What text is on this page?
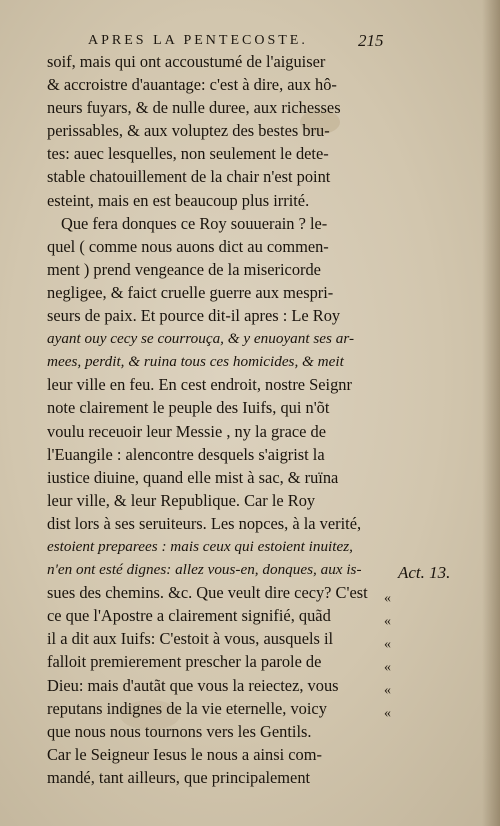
APRES LA PENTECOSTE.	215
soif, mais qui ont accoustumé de l'aiguiser
& accroistre d'auantage: c'est à dire, aux hô-
neurs fuyars, & de nulle duree, aux richesses
perissables, & aux voluptez des bestes bru-
tes: auec lesquelles, non seulement le dete-
stable chatouillement de la chair n'est point
esteint, mais en est beaucoup plus irrité.
Que fera donques ce Roy souuerain ? le-
quel ( comme nous auons dict au commen-
ment ) prend vengeance de la misericorde
negligee, & faict cruelle guerre aux mespri-
seurs de paix. Et pource dit-il apres : Le Roy
ayant ouy cecy se courrouça, & y enuoyant ses ar-
mees, perdit, & ruina tous ces homicides, & meit
leur ville en feu. En cest endroit, nostre Seignr
note clairement le peuple des Iuifs, qui n'õt
voulu receuoir leur Messie , ny la grace de
l'Euangile : alencontre desquels s'aigrist la
iustice diuine, quand elle mist à sac, & ruïna
leur ville, & leur Republique. Car le Roy
dist lors à ses seruiteurs. Les nopces, à la verité,
estoient preparees : mais ceux qui estoient inuitez,
n'en ont esté dignes: allez vous-en, donques, aux is-
sues des chemins. &c. Que veult dire cecy? C'est
ce que l'Apostre a clairement signifié, quãd
il a dit aux Iuifs: C'estoit à vous, ausquels il
falloit premierement prescher la parole de
Dieu: mais d'autãt que vous la reiectez, vous
reputans indignes de la vie eternelle, voicy
que nous nous tournons vers les Gentils.
Car le Seigneur Iesus le nous a ainsi com-
mandé, tant ailleurs, que principalement
Act. 13.
«
«
«
«
«
«
